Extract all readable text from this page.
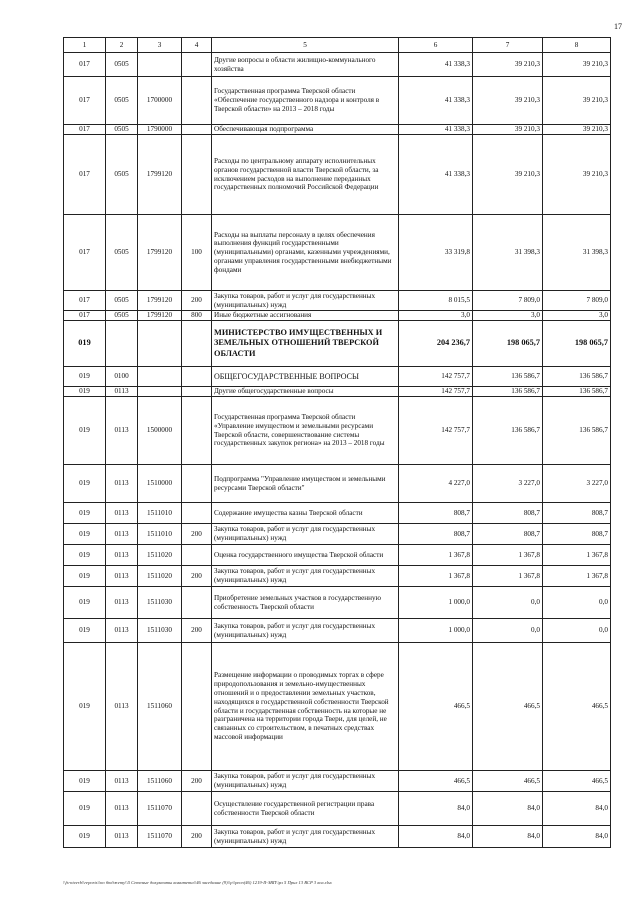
17
1	2	3	4	5	6	7	8
017	0505			Другие вопросы в области жилищно-коммунального хозяйства	41 338,3	39 210,3	39 210,3
017	0505	1700000		Государственная программа Тверской области «Обеспечение государственного надзора и контроля в Тверской области» на 2013 – 2018 годы	41 338,3	39 210,3	39 210,3
017	0505	1790000		Обеспечивающая подпрограмма	41 338,3	39 210,3	39 210,3
017	0505	1799120		Расходы по центральному аппарату исполнительных органов государственной власти Тверской области, за исключением расходов на выполнение переданных государственных полномочий Российской Федерации	41 338,3	39 210,3	39 210,3
017	0505	1799120	100	Расходы на выплаты персоналу в целях обеспечения выполнения функций государственными (муниципальными) органами, казенными учреждениями, органами управления государственными внебюджетными фондами	33 319,8	31 398,3	31 398,3
017	0505	1799120	200	Закупка товаров, работ и услуг для государственных (муниципальных) нужд	8 015,5	7 809,0	7 809,0
017	0505	1799120	800	Иные бюджетные ассигнования	3,0	3,0	3,0
019				МИНИСТЕРСТВО ИМУЩЕСТВЕННЫХ И ЗЕМЕЛЬНЫХ ОТНОШЕНИЙ ТВЕРСКОЙ ОБЛАСТИ	204 236,7	198 065,7	198 065,7
019	0100			ОБЩЕГОСУДАРСТВЕННЫЕ ВОПРОСЫ	142 757,7	136 586,7	136 586,7
019	0113			Другие общегосударственные вопросы	142 757,7	136 586,7	136 586,7
019	0113	1500000		Государственная программа Тверской области «Управление имуществом и земельными ресурсами Тверской области, совершенствование системы государственных закупок региона» на 2013 – 2018 годы	142 757,7	136 586,7	136 586,7
019	0113	1510000		Подпрограмма "Управление имуществом и земельными ресурсами Тверской области"	4 227,0	3 227,0	3 227,0
019	0113	1511010		Содержание имущества казны Тверской области	808,7	808,7	808,7
019	0113	1511010	200	Закупка товаров, работ и услуг для государственных (муниципальных) нужд	808,7	808,7	808,7
019	0113	1511020		Оценка государственного имущества Тверской области	1 367,8	1 367,8	1 367,8
019	0113	1511020	200	Закупка товаров, работ и услуг для государственных (муниципальных) нужд	1 367,8	1 367,8	1 367,8
019	0113	1511030		Приобретение земельных участков в государственную собственность Тверской области	1 000,0	0,0	0,0
019	0113	1511030	200	Закупка товаров, работ и услуг для государственных (муниципальных) нужд	1 000,0	0,0	0,0
019	0113	1511060		Размещение информации о проводимых торгах в сфере природопользования и земельно-имущественных отношений и о предоставлении земельных участков, находящихся в государственной собственности Тверской области и государственная собственность на которые не разграничена на территории города Твери, для целей, не связанных со строительством, в печатных средствах массовой информации	466,5	466,5	466,5
019	0113	1511060	200	Закупка товаров, работ и услуг для государственных (муниципальных) нужд	466,5	466,5	466,5
019	0113	1511070		Осуществление государственной регистрации права собственности Тверской области	84,0	84,0	84,0
019	0113	1511070	200	Закупка товаров, работ и услуг для государственных (муниципальных) нужд	84,0	84,0	84,0
\\fs-ntverb\\reports\\по бюджету\\5 Сетевые документы комитета\\46 заседание (9)\\р\\респ(46) 1219-II-ЗВП\\рл 5 Прил 13 ВСР 3 кол.xlsx
